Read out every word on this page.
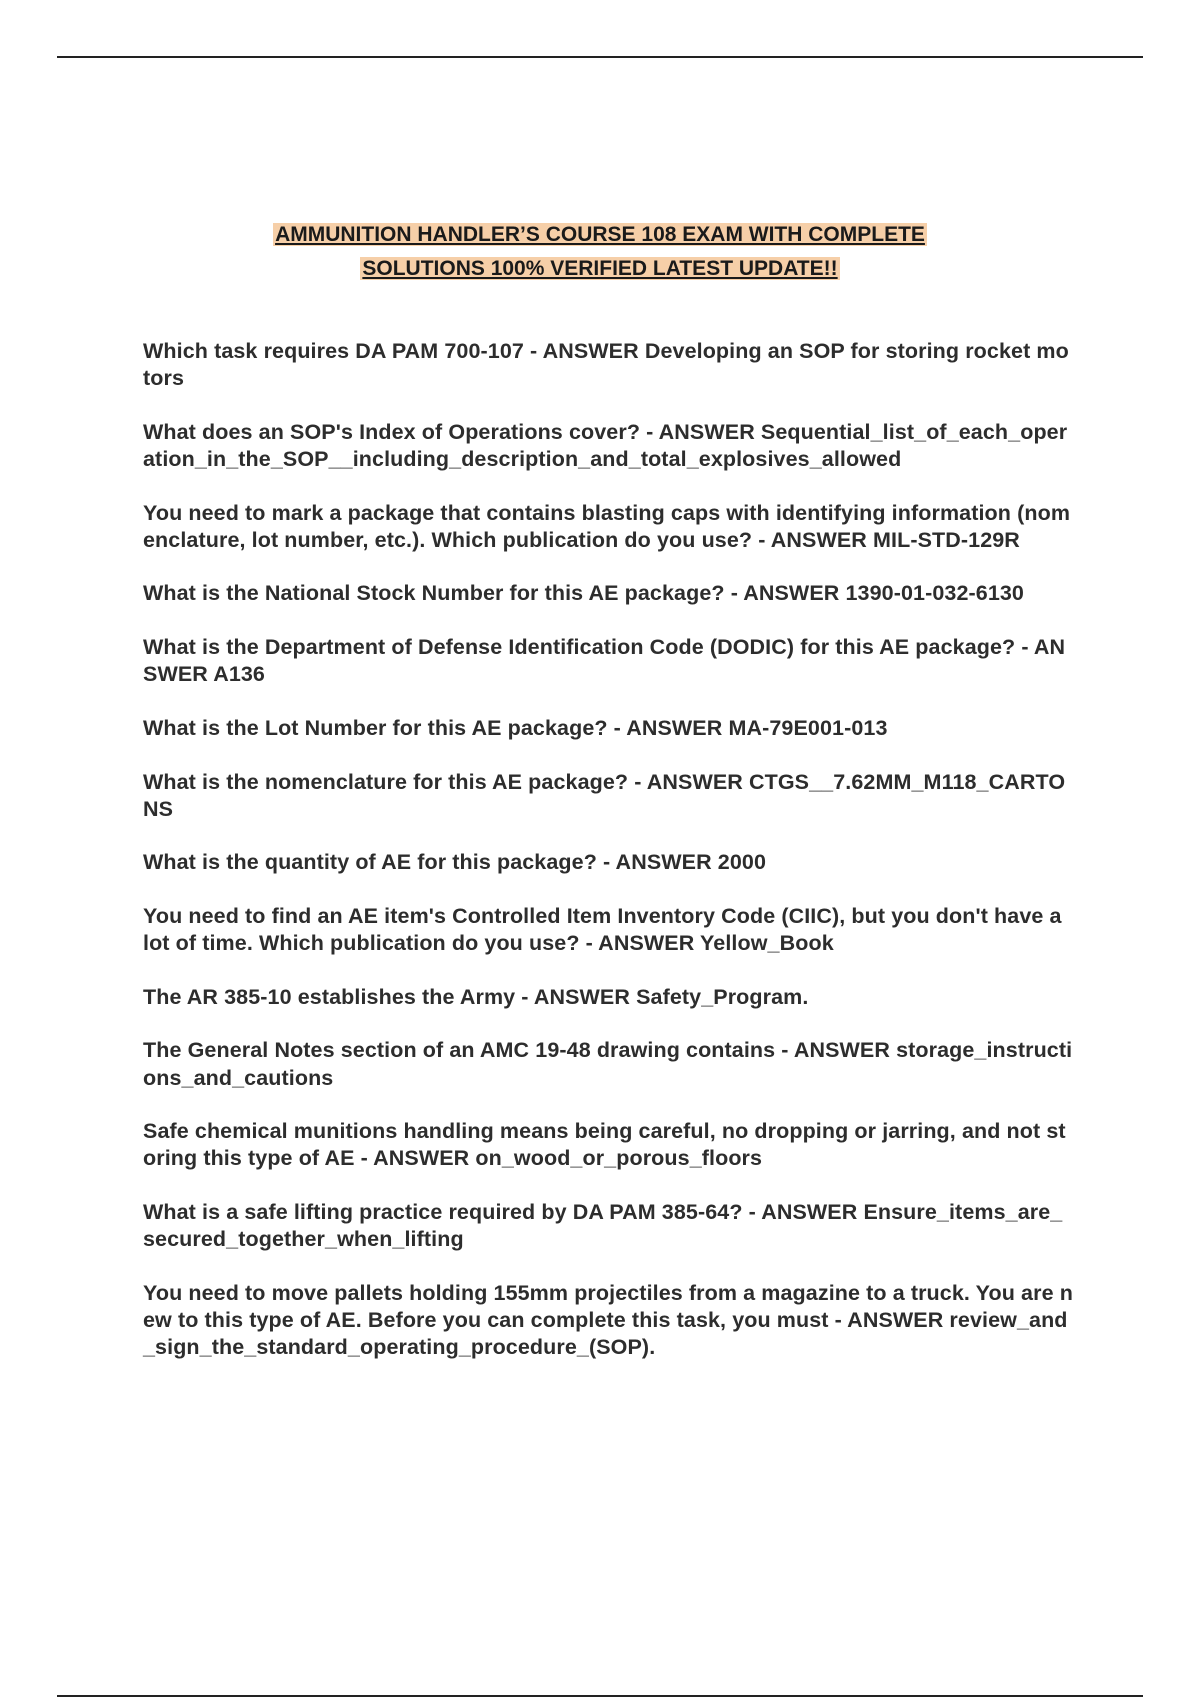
AMMUNITION HANDLER’S COURSE 108 EXAM WITH COMPLETE
SOLUTIONS 100% VERIFIED LATEST UPDATE!!
Which task requires DA PAM 700-107 - ANSWER Developing an SOP for storing rocket motors
What does an SOP's Index of Operations cover? - ANSWER Sequential_list_of_each_operation_in_the_SOP__including_description_and_total_explosives_allowed
You need to mark a package that contains blasting caps with identifying information (nomenclature, lot number, etc.). Which publication do you use? - ANSWER MIL-STD-129R
What is the National Stock Number for this AE package? - ANSWER 1390-01-032-6130
What is the Department of Defense Identification Code (DODIC) for this AE package? - ANSWER A136
What is the Lot Number for this AE package? - ANSWER MA-79E001-013
What is the nomenclature for this AE package? - ANSWER CTGS__7.62MM_M118_CARTONS
What is the quantity of AE for this package? - ANSWER 2000
You need to find an AE item's Controlled Item Inventory Code (CIIC), but you don't have a lot of time. Which publication do you use? - ANSWER Yellow_Book
The AR 385-10 establishes the Army - ANSWER Safety_Program.
The General Notes section of an AMC 19-48 drawing contains - ANSWER storage_instructions_and_cautions
Safe chemical munitions handling means being careful, no dropping or jarring, and not storing this type of AE - ANSWER on_wood_or_porous_floors
What is a safe lifting practice required by DA PAM 385-64? - ANSWER Ensure_items_are_secured_together_when_lifting
You need to move pallets holding 155mm projectiles from a magazine to a truck. You are new to this type of AE. Before you can complete this task, you must - ANSWER review_and_sign_the_standard_operating_procedure_(SOP).
